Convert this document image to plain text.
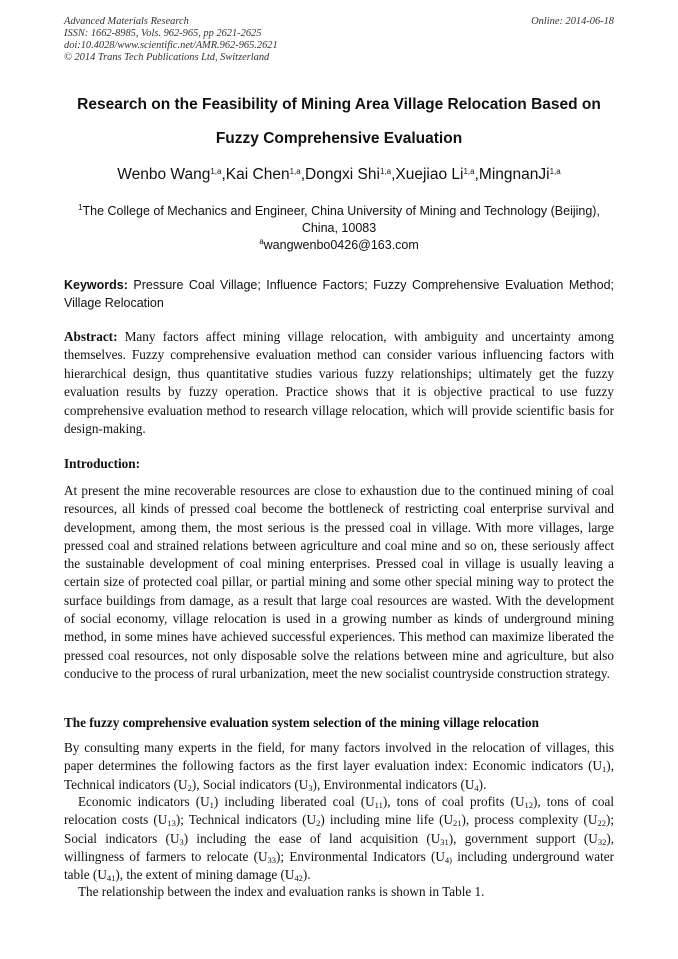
Advanced Materials Research
ISSN: 1662-8985, Vols. 962-965, pp 2621-2625
doi:10.4028/www.scientific.net/AMR.962-965.2621
© 2014 Trans Tech Publications Ltd, Switzerland
Online: 2014-06-18
Research on the Feasibility of Mining Area Village Relocation Based on
Fuzzy Comprehensive Evaluation
Wenbo Wang$^{1,a}$,Kai Chen$^{1,a}$,Dongxi Shi$^{1,a}$,Xuejiao Li$^{1,a}$,MingnanJi$^{1,a}$
$^1$The College of Mechanics and Engineer, China University of Mining and Technology (Beijing),
China, 10083
$^a$wangwenbo0426@163.com
Keywords: Pressure Coal Village; Influence Factors; Fuzzy Comprehensive Evaluation Method; Village Relocation
Abstract: Many factors affect mining village relocation, with ambiguity and uncertainty among themselves. Fuzzy comprehensive evaluation method can consider various influencing factors with hierarchical design, thus quantitative studies various fuzzy relationships; ultimately get the fuzzy evaluation results by fuzzy operation. Practice shows that it is objective practical to use fuzzy comprehensive evaluation method to research village relocation, which will provide scientific basis for design-making.
Introduction:
At present the mine recoverable resources are close to exhaustion due to the continued mining of coal resources, all kinds of pressed coal become the bottleneck of restricting coal enterprise survival and development, among them, the most serious is the pressed coal in village. With more villages, large pressed coal and strained relations between agriculture and coal mine and so on, these seriously affect the sustainable development of coal mining enterprises. Pressed coal in village is usually leaving a certain size of protected coal pillar, or partial mining and some other special mining way to protect the surface buildings from damage, as a result that large coal resources are wasted. With the development of social economy, village relocation is used in a growing number as kinds of underground mining method, in some mines have achieved successful experiences. This method can maximize liberated the pressed coal resources, not only disposable solve the relations between mine and agriculture, but also conducive to the process of rural urbanization, meet the new socialist countryside construction strategy.
The fuzzy comprehensive evaluation system selection of the mining village relocation
By consulting many experts in the field, for many factors involved in the relocation of villages, this paper determines the following factors as the first layer evaluation index: Economic indicators $(U_1)$, Technical indicators $(U_2)$, Social indicators $(U_3)$, Environmental indicators $(U_4)$.
Economic indicators $(U_1)$ including liberated coal $(U_{11})$, tons of coal profits $(U_{12})$, tons of coal relocation costs $(U_{13})$; Technical indicators $(U_2)$ including mine life $(U_{21})$, process complexity $(U_{22})$; Social indicators $(U_3)$ including the ease of land acquisition $(U_{31})$, government support $(U_{32})$, willingness of farmers to relocate $(U_{33})$; Environmental Indicators ($U_{4)}$ including underground water table $(U_{41})$, the extent of mining damage $(U_{42})$.
The relationship between the index and evaluation ranks is shown in Table 1.
